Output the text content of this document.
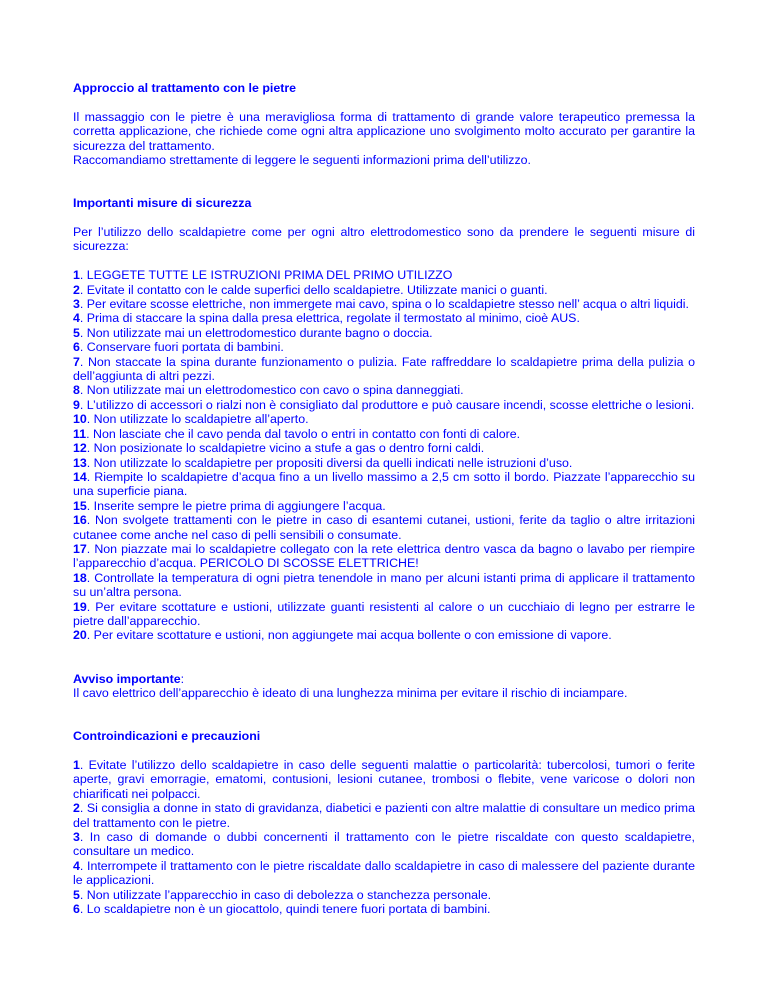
Approccio al trattamento con le pietre

Il massaggio con le pietre è una meravigliosa forma di trattamento di grande valore terapeutico premessa la corretta applicazione, che richiede come ogni altra applicazione uno svolgimento molto accurato per garantire la sicurezza del trattamento.

Raccomandiamo strettamente di leggere le seguenti informazioni prima dell’utilizzo.

Importanti misure di sicurezza

Per l’utilizzo dello scaldapietre come per ogni altro elettrodomestico sono da prendere le seguenti misure di sicurezza:

1. LEGGETE TUTTE LE ISTRUZIONI PRIMA DEL PRIMO UTILIZZO

2. Evitate il contatto con le calde superfici dello scaldapietre. Utilizzate manici o guanti.

3. Per evitare scosse elettriche, non immergete mai cavo, spina o lo scaldapietre stesso nell’ acqua o altri liquidi.

4. Prima di staccare la spina dalla presa elettrica, regolate il termostato al minimo, cioè AUS.

5. Non utilizzate mai un elettrodomestico durante bagno o doccia.

6. Conservare fuori portata di bambini.

7. Non staccate la spina durante funzionamento o pulizia. Fate raffreddare lo scaldapietre prima della pulizia o dell’aggiunta di altri pezzi.

8. Non utilizzate mai un elettrodomestico con cavo o spina danneggiati.

9. L’utilizzo di accessori o rialzi non è consigliato dal produttore e può causare incendi, scosse elettriche o lesioni.

10. Non utilizzate lo scaldapietre all’aperto.

11. Non lasciate che il cavo penda dal tavolo o entri in contatto con fonti di calore.

12. Non posizionate lo scaldapietre vicino a stufe a gas o dentro forni caldi.

13. Non utilizzate lo scaldapietre per propositi diversi da quelli indicati nelle istruzioni d’uso.

14. Riempite lo scaldapietre d’acqua fino a un livello massimo a 2,5 cm sotto il bordo. Piazzate l’apparecchio su una superficie piana.

15. Inserite sempre le pietre prima di aggiungere l’acqua.

16. Non svolgete trattamenti con le pietre in caso di esantemi cutanei, ustioni, ferite da taglio o altre irritazioni cutanee come anche nel caso di pelli sensibili o consumate.

17. Non piazzate mai lo scaldapietre collegato con la rete elettrica dentro vasca da bagno o lavabo per riempire l’apparecchio d’acqua. PERICOLO DI SCOSSE ELETTRICHE!

18. Controllate la temperatura di ogni pietra tenendole in mano per alcuni istanti prima di applicare il trattamento su un’altra persona.

19. Per evitare scottature e ustioni, utilizzate guanti resistenti al calore o un cucchiaio di legno per estrarre le pietre dall’apparecchio.

20. Per evitare scottature e ustioni, non aggiungete mai acqua bollente o con emissione di vapore.

Avviso importante:

Il cavo elettrico dell’apparecchio è ideato di una lunghezza minima per evitare il rischio di inciampare.

Controindicazioni e precauzioni

1. Evitate l’utilizzo dello scaldapietre in caso delle seguenti malattie o particolarità: tubercolosi, tumori o ferite aperte, gravi emorragie, ematomi, contusioni, lesioni cutanee, trombosi o flebite, vene varicose o dolori non chiarificati nei polpacci.

2. Si consiglia a donne in stato di gravidanza, diabetici e pazienti con altre malattie di consultare un medico prima del trattamento con le pietre.

3. In caso di domande o dubbi concernenti il trattamento con le pietre riscaldate con questo scaldapietre, consultare un medico.

4. Interrompete il trattamento con le pietre riscaldate dallo scaldapietre in caso di malessere del paziente durante le applicazioni.

5. Non utilizzate l’apparecchio in caso di debolezza o stanchezza personale.

6. Lo scaldapietre non è un giocattolo, quindi tenere fuori portata di bambini.
